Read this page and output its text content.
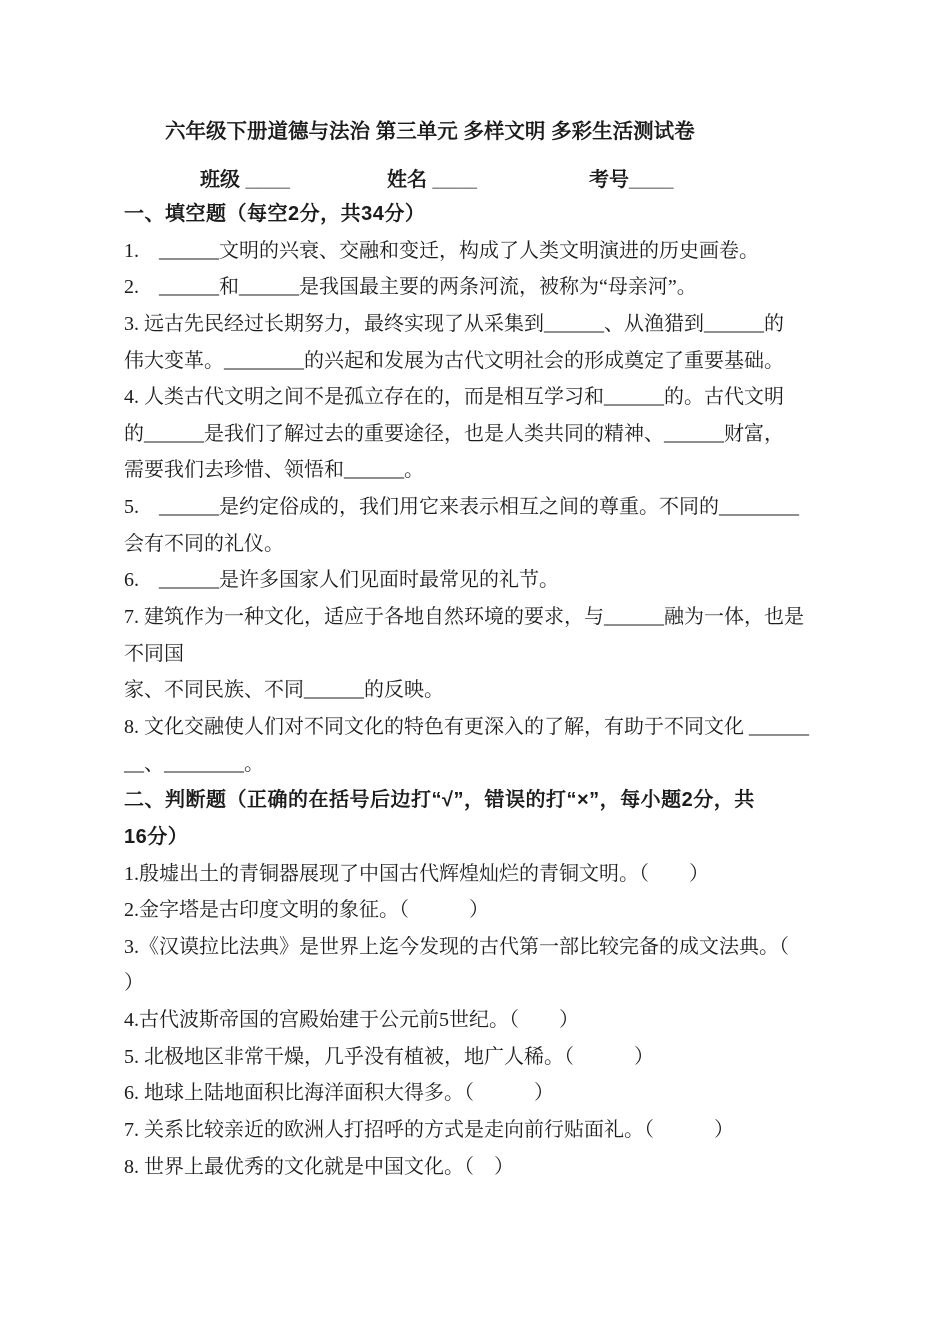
六年级下册道德与法治 第三单元 多样文明 多彩生活测试卷
班级 ____	姓名 ____	考号____
一、填空题（每空2分，共34分）
1.　______文明的兴衰、交融和变迁，构成了人类文明演进的历史画卷。
2.　______和______是我国最主要的两条河流，被称为“母亲河”。
3. 远古先民经过长期努力，最终实现了从采集到______、从渔猎到______的
伟大变革。________的兴起和发展为古代文明社会的形成奠定了重要基础。
4. 人类古代文明之间不是孤立存在的，而是相互学习和______的。古代文明
的______是我们了解过去的重要途径，也是人类共同的精神、______财富，
需要我们去珍惜、领悟和______。
5.　______是约定俗成的，我们用它来表示相互之间的尊重。不同的________
会有不同的礼仪。
6.　______是许多国家人们见面时最常见的礼节。
7. 建筑作为一种文化，适应于各地自然环境的要求，与______融为一体，也是
不同国
家、不同民族、不同______的反映。
8. 文化交融使人们对不同文化的特色有更深入的了解，有助于不同文化 ______
__、________。
二、判断题（正确的在括号后边打“√”，错误的打“×”，每小题2分，共
16分）
1.殷墟出土的青铜器展现了中国古代辉煌灿烂的青铜文明。（　　）
2.金字塔是古印度文明的象征。（　　　）
3.《汉谟拉比法典》是世界上迄今发现的古代第一部比较完备的成文法典。（
）
4.古代波斯帝国的宫殿始建于公元前5世纪。（　　）
5. 北极地区非常干燥，几乎没有植被，地广人稀。（　　　）
6. 地球上陆地面积比海洋面积大得多。（　　　）
7. 关系比较亲近的欧洲人打招呼的方式是走向前行贴面礼。（　　　）
8. 世界上最优秀的文化就是中国文化。（　）
